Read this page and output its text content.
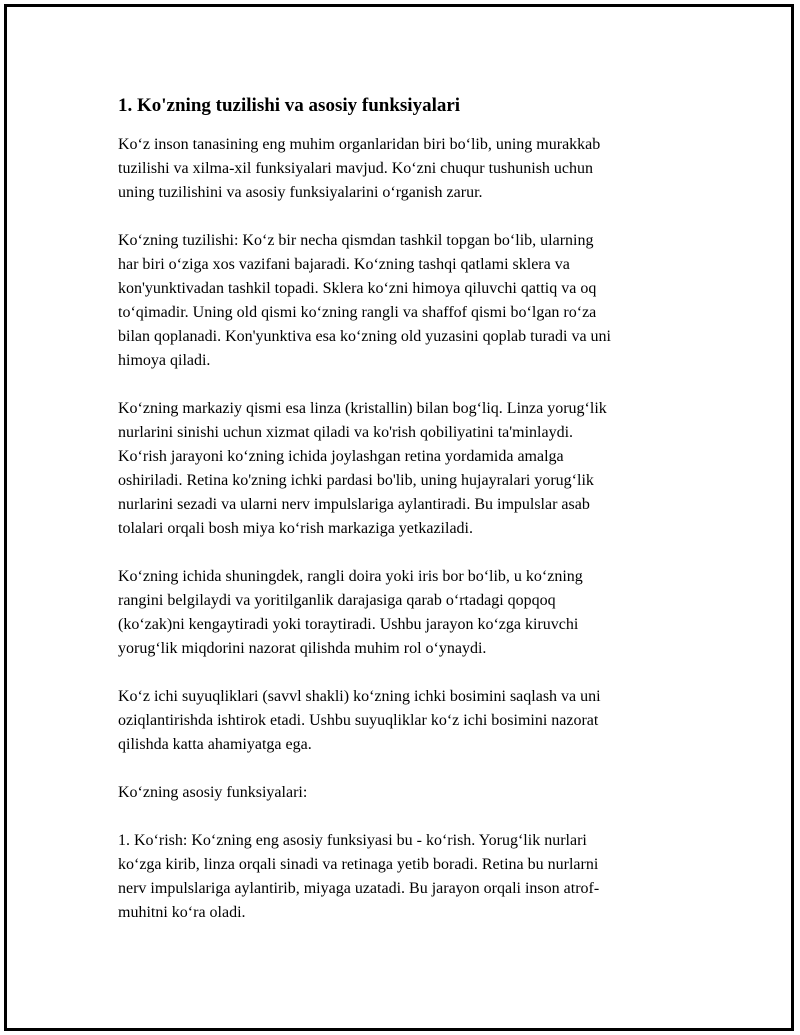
1. Ko'zning tuzilishi va asosiy funksiyalari

Ko‘z inson tanasining eng muhim organlaridan biri bo‘lib, uning murakkab
tuzilishi va xilma-xil funksiyalari mavjud. Ko‘zni chuqur tushunish uchun
uning tuzilishini va asosiy funksiyalarini o‘rganish zarur.

Ko‘zning tuzilishi: Ko‘z bir necha qismdan tashkil topgan bo‘lib, ularning
har biri o‘ziga xos vazifani bajaradi. Ko‘zning tashqi qatlami sklera va
kon'yunktivadan tashkil topadi. Sklera ko‘zni himoya qiluvchi qattiq va oq
to‘qimadir. Uning old qismi ko‘zning rangli va shaffof qismi bo‘lgan ro‘za
bilan qoplanadi. Kon'yunktiva esa ko‘zning old yuzasini qoplab turadi va uni
himoya qiladi.

Ko‘zning markaziy qismi esa linza (kristallin) bilan bog‘liq. Linza yorug‘lik
nurlarini sinishi uchun xizmat qiladi va ko'rish qobiliyatini ta'minlaydi.
Ko‘rish jarayoni ko‘zning ichida joylashgan retina yordamida amalga
oshiriladi. Retina ko'zning ichki pardasi bo'lib, uning hujayralari yorug‘lik
nurlarini sezadi va ularni nerv impulslariga aylantiradi. Bu impulslar asab
tolalari orqali bosh miya ko‘rish markaziga yetkaziladi.

Ko‘zning ichida shuningdek, rangli doira yoki iris bor bo‘lib, u ko‘zning
rangini belgilaydi va yoritilganlik darajasiga qarab o‘rtadagi qopqoq
(ko‘zak)ni kengaytiradi yoki toraytiradi. Ushbu jarayon ko‘zga kiruvchi
yorug‘lik miqdorini nazorat qilishda muhim rol o‘ynaydi.

Ko‘z ichi suyuqliklari (savvl shakli) ko‘zning ichki bosimini saqlash va uni
oziqlantirishda ishtirok etadi. Ushbu suyuqliklar ko‘z ichi bosimini nazorat
qilishda katta ahamiyatga ega.

Ko‘zning asosiy funksiyalari:

1. Ko‘rish: Ko‘zning eng asosiy funksiyasi bu - ko‘rish. Yorug‘lik nurlari
ko‘zga kirib, linza orqali sinadi va retinaga yetib boradi. Retina bu nurlarni
nerv impulslariga aylantirib, miyaga uzatadi. Bu jarayon orqali inson atrof-
muhitni ko‘ra oladi.
